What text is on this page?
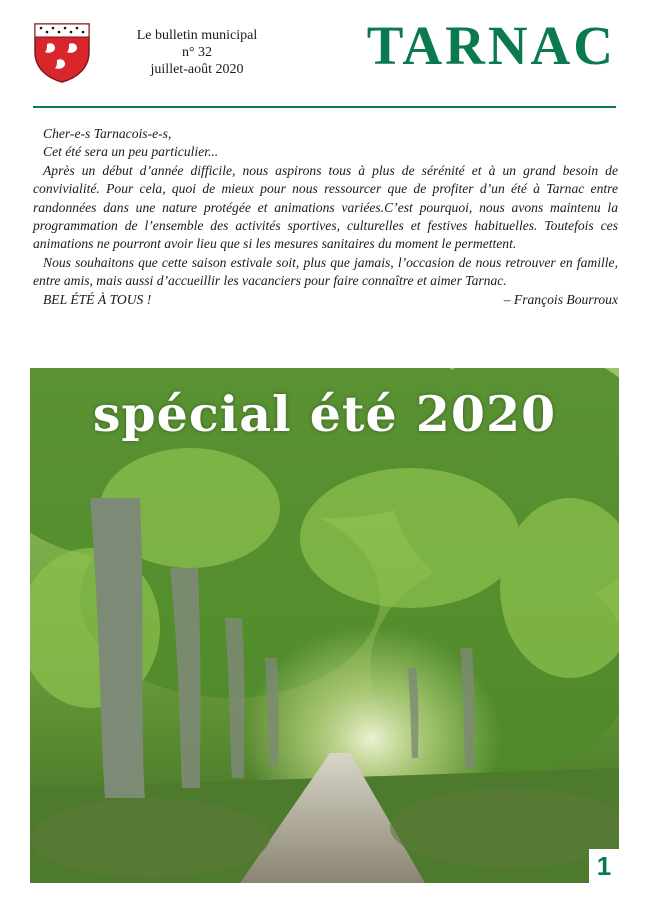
Le bulletin municipal
n° 32
juillet-août 2020	TARNAC

Cher-e-s Tarnacois-e-s,

Cet été sera un peu particulier...

Après un début d’année difficile, nous aspirons tous à plus de sérénité et à un grand besoin de convivialité. Pour cela, quoi de mieux pour nous ressourcer que de profiter d’un été à Tarnac entre randonnées dans une nature protégée et animations variées.C’est pourquoi, nous avons maintenu la programmation de l’ensemble des activités sportives, culturelles et festives habituelles. Toutefois ces animations ne pourront avoir lieu que si les mesures sanitaires du moment le permettent.

Nous souhaitons que cette saison estivale soit, plus que jamais, l’occasion de nous retrouver en famille, entre amis, mais aussi d’accueillir les vacanciers pour faire connaître et aimer Tarnac.

BEL ÉTÉ À TOUS !	– François Bourroux
spécial été 2020
1
